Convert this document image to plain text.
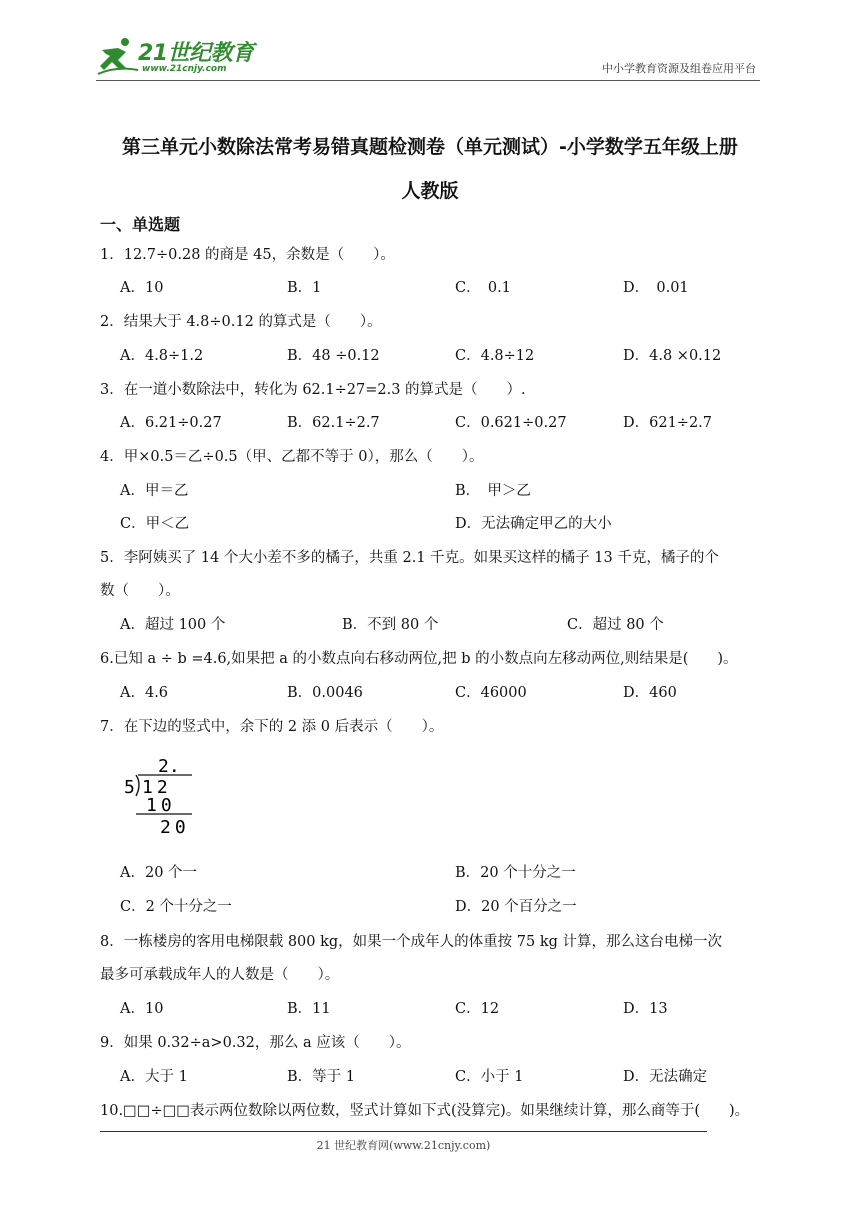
21世纪教育
www.21cnjy.com	中小学教育资源及组卷应用平台
第三单元小数除法常考易错真题检测卷（单元测试）-小学数学五年级上册
人教版
一、单选题
1．12.7÷0.28 的商是 45，余数是（　　）。
A．10	B．1	C．　0.1	D．　0.01
2．结果大于 4.8÷0.12 的算式是（　　）。
A．4.8÷1.2	B．48 ÷0.12	C．4.8÷12	D．4.8 ×0.12
3．在一道小数除法中，转化为 62.1÷27=2.3 的算式是（　　）.
A．6.21÷0.27	B．62.1÷2.7	C．0.621÷0.27	D．621÷2.7
4．甲×0.5＝乙÷0.5（甲、乙都不等于 0），那么（　　）。
A．甲＝乙	B．　甲＞乙
C．甲＜乙	D．无法确定甲乙的大小
5．李阿姨买了 14 个大小差不多的橘子，共重 2.1 千克。如果买这样的橘子 13 千克，橘子的个
数（　　）。
A．超过 100 个	B．不到 80 个	C．超过 80 个
6.已知 a ÷ b =4.6,如果把 a 的小数点向右移动两位,把 b 的小数点向左移动两位,则结果是(　　)。
A．4.6	B．0.0046	C．46000	D．460
7．在下边的竖式中，余下的 2 添 0 后表示（　　）。
2.
5 12
10
20
A．20 个一	B．20 个十分之一
C．2 个十分之一	D．20 个百分之一
8．一栋楼房的客用电梯限载 800 kg，如果一个成年人的体重按 75 kg 计算，那么这台电梯一次
最多可承载成年人的人数是（　　）。
A．10	B．11	C．12	D．13
9．如果 0.32÷a>0.32，那么 a 应该（　　）。
A．大于 1	B．等于 1	C．小于 1	D．无法确定
10.□□÷□□表示两位数除以两位数，竖式计算如下式(没算完)。如果继续计算，那么商等于(　　)。
21 世纪教育网(www.21cnjy.com)
